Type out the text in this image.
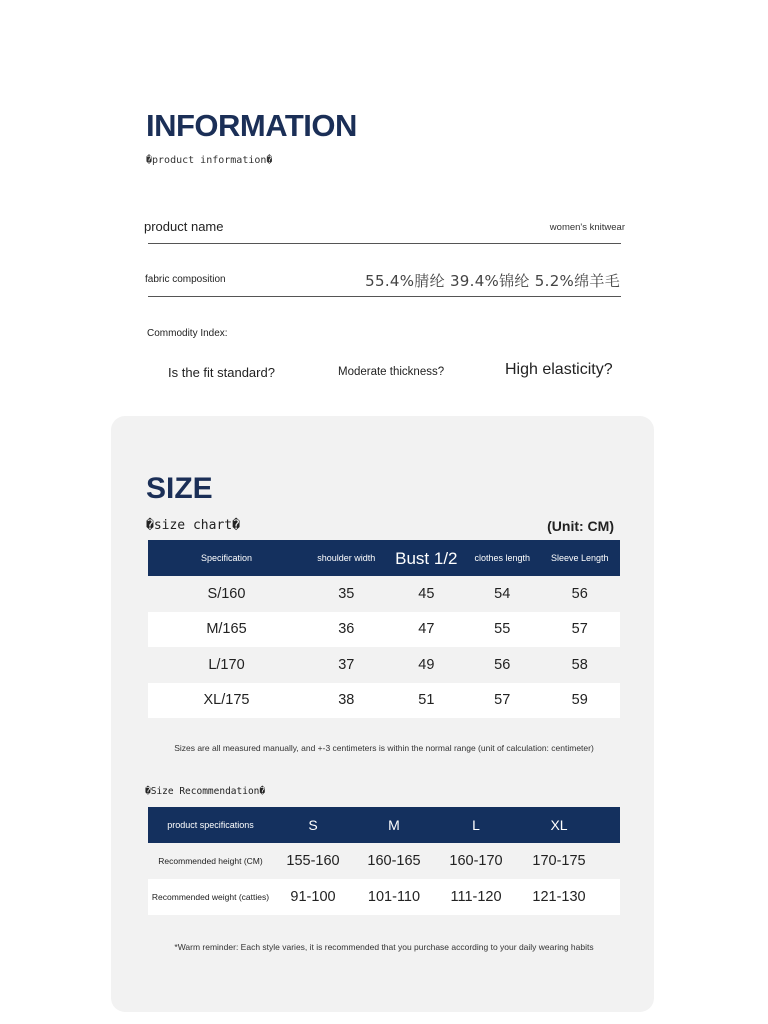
INFORMATION
�product information�
product name	women's knitwear
fabric composition	55.4%腈纶 39.4%锦纶 5.2%绵羊毛
Commodity Index:
Is the fit standard?	Moderate thickness?	High elasticity?
SIZE
�size chart�	(Unit: CM)
Specification	shoulder width	Bust 1/2	clothes length	Sleeve Length
S/160	35	45	54	56
M/165	36	47	55	57
L/170	37	49	56	58
XL/175	38	51	57	59
Sizes are all measured manually, and +-3 centimeters is within the normal range (unit of calculation: centimeter)
�Size Recommendation�
product specifications	S	M	L	XL	
Recommended height (CM)	155-160	160-165	160-170	170-175	
Recommended weight (catties)	91-100	101-110	111-120	121-130	
*Warm reminder: Each style varies, it is recommended that you purchase according to your daily wearing habits
